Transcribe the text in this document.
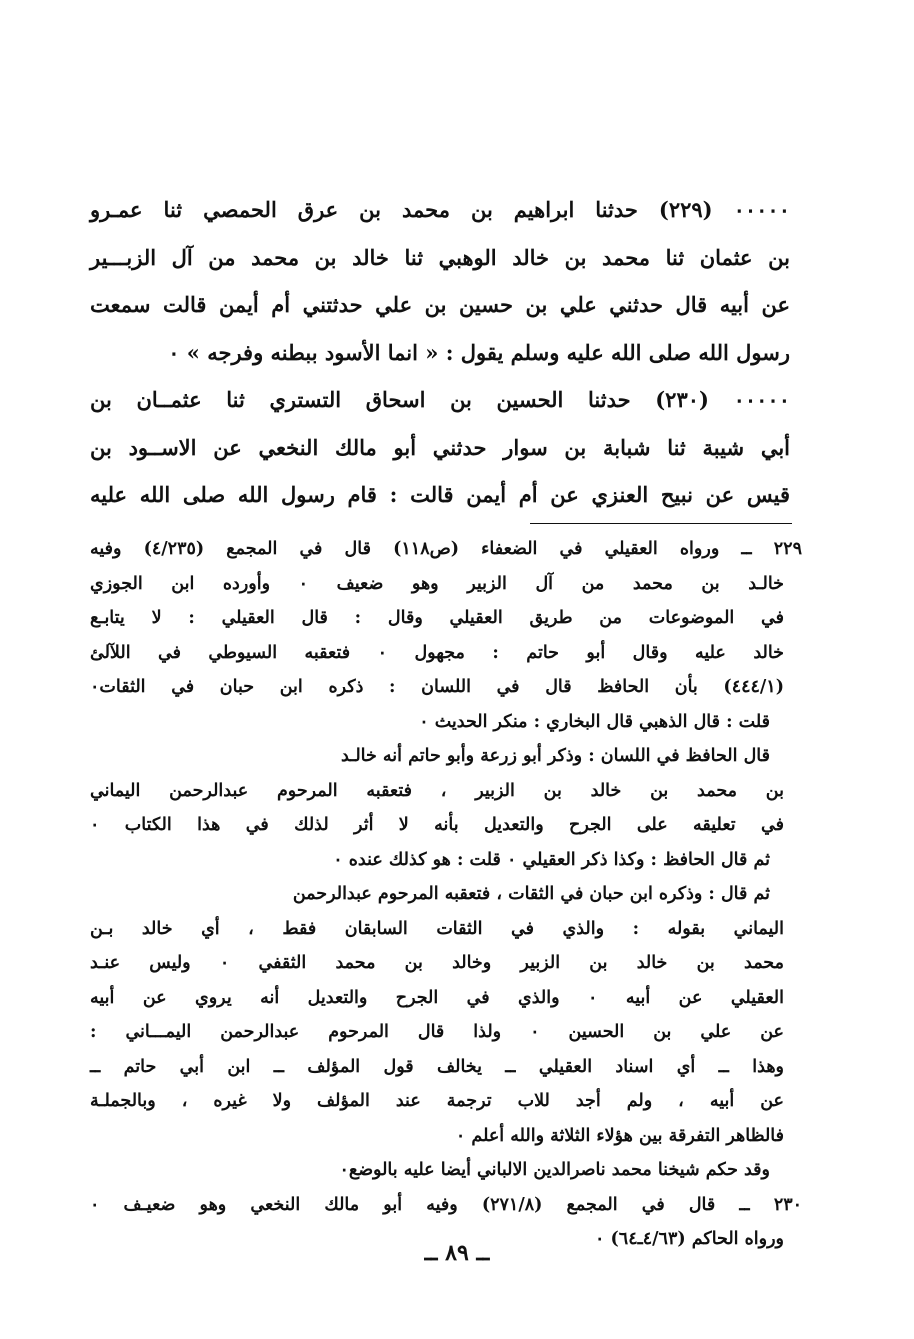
٠٠٠٠٠ (٢٢٩) حدثنا ابراهيم بن محمد بن عرق الحمصي ثنا عمـرو
بن عثمان ثنا محمد بن خالد الوهبي ثنا خالد بن محمد من آل الزبـــير
عن أبيه قال حدثني علي بن حسين بن علي حدثتني أم أيمن قالت سمعت
رسول الله صلى الله عليه وسلم يقول : « انما الأسود ببطنه وفرجه » ٠
٠٠٠٠٠ (٢٣٠) حدثنا الحسين بن اسحاق التستري ثنا عثمــان بن
أبي شيبة ثنا شبابة بن سوار حدثني أبو مالك النخعي عن الاســود بن
قيس عن نبيح العنزي عن أم أيمن قالت : قام رسول الله صلى الله عليه
٢٢٩ ــ ورواه العقيلي في الضعفاء (ص١١٨) قال في المجمع (٤/٢٣٥) وفيه
خالـد بن محمد من آل الزبير وهو ضعيف ٠ وأورده ابن الجوزي
في الموضوعات من طريق العقيلي وقال : قال العقيلي : لا يتابـع
خالد عليه وقال أبو حاتم : مجهول ٠ فتعقبه السيوطي في اللآلئ
(٤٤٤/١) بأن الحافظ قال في اللسان : ذكره ابن حبان في الثقات٠
قلت : قال الذهبي قال البخاري : منكر الحديث ٠
قال الحافظ في اللسان : وذكر أبو زرعة وأبو حاتم أنه خالـد
بن محمد بن خالد بن الزبير ، فتعقبه المرحوم عبدالرحمن اليماني
في تعليقه على الجرح والتعديل بأنه لا أثر لذلك في هذا الكتاب ٠
ثم قال الحافظ : وكذا ذكر العقيلي ٠ قلت : هو كذلك عنده ٠
ثم قال : وذكره ابن حبان في الثقات ، فتعقبه المرحوم عبدالرحمن
اليماني بقوله : والذي في الثقات السابقان فقط ، أي خالد بـن
محمد بن خالد بن الزبير وخالد بن محمد الثقفي ٠ وليس عنـد
العقيلي عن أبيه ٠ والذي في الجرح والتعديل أنه يروي عن أبيه
عن علي بن الحسين ٠ ولذا قال المرحوم عبدالرحمن اليمـــاني :
وهذا ــ أي اسناد العقيلي ــ يخالف قول المؤلف ــ ابن أبي حاتم ــ
عن أبيه ، ولم أجد للاب ترجمة عند المؤلف ولا غيره ، وبالجملـة
فالظاهر التفرقة بين هؤلاء الثلاثة والله أعلم ٠
وقد حكم شيخنا محمد ناصرالدين الالباني أيضا عليه بالوضع٠
٢٣٠ ــ قال في المجمع (٢٧١/٨) وفيه أبو مالك النخعي وهو ضعيـف ٠
ورواه الحاكم (٤/٦٣ـ٦٤) ٠
ــ ٨٩ ــ
